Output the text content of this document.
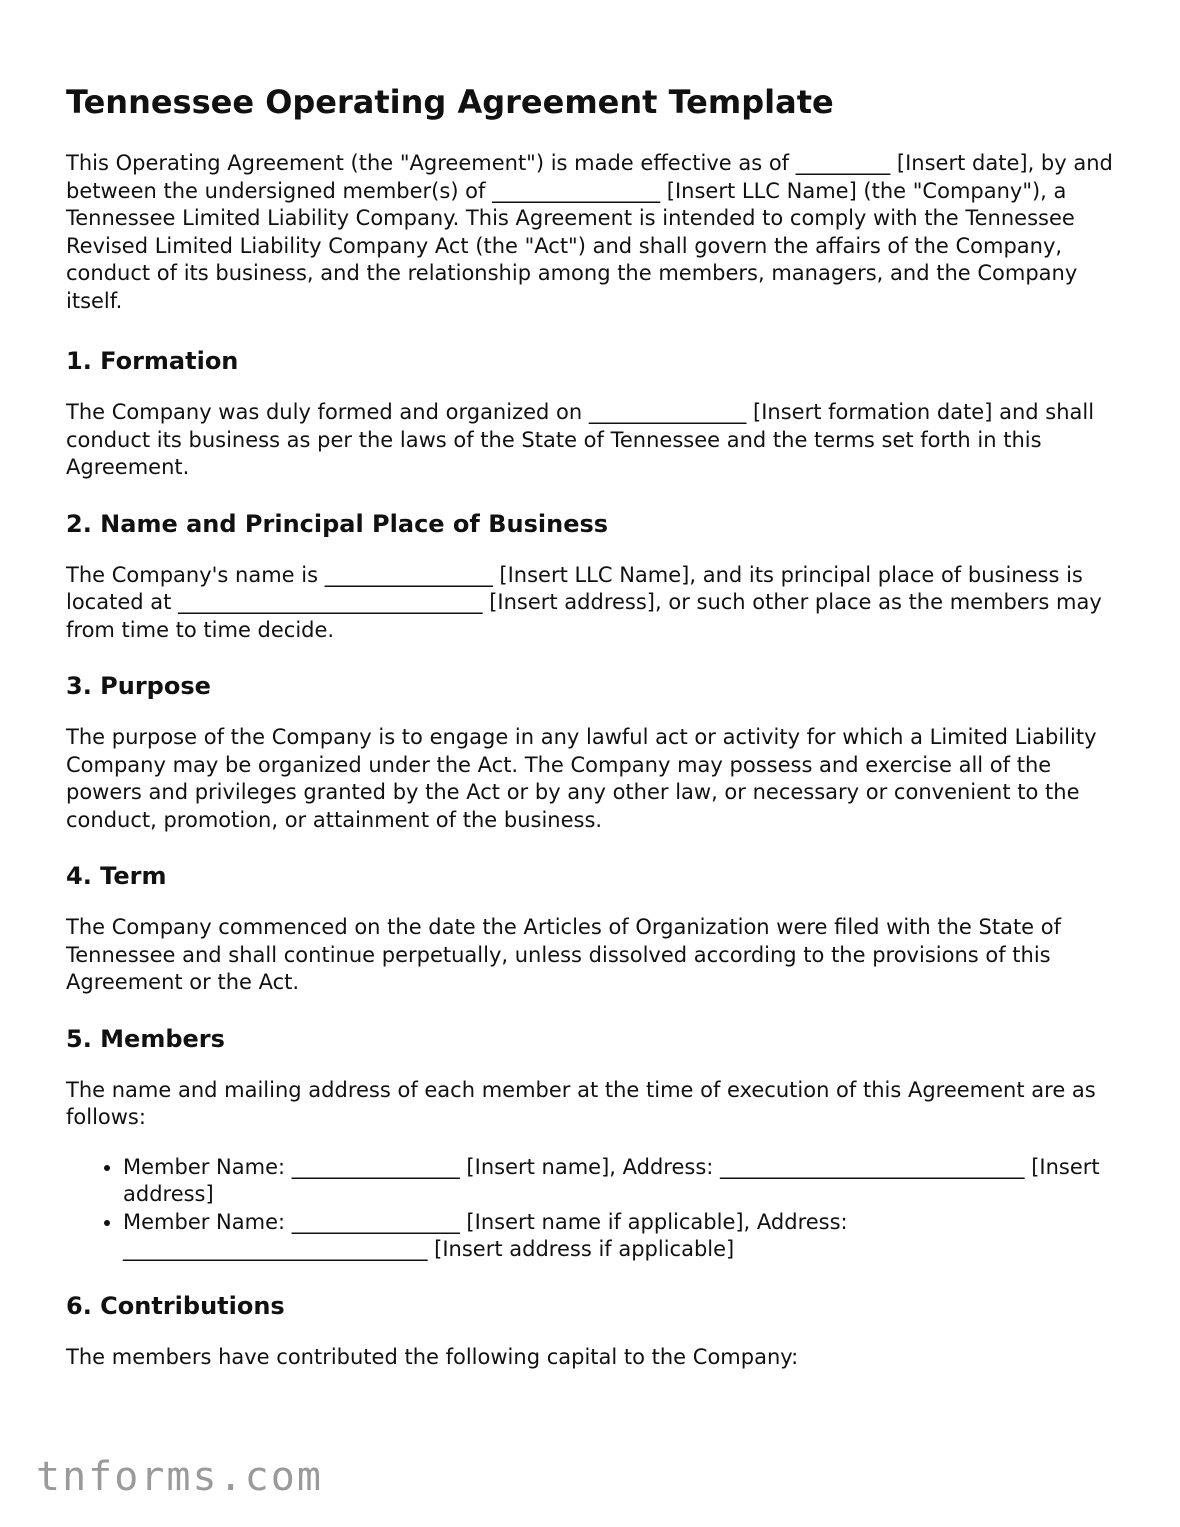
Tennessee Operating Agreement Template

This Operating Agreement (the "Agreement") is made effective as of _________ [Insert date], by and between the undersigned member(s) of ________________ [Insert LLC Name] (the "Company"), a Tennessee Limited Liability Company. This Agreement is intended to comply with the Tennessee Revised Limited Liability Company Act (the "Act") and shall govern the affairs of the Company, conduct of its business, and the relationship among the members, managers, and the Company itself.

1. Formation

The Company was duly formed and organized on _______________ [Insert formation date] and shall conduct its business as per the laws of the State of Tennessee and the terms set forth in this Agreement.

2. Name and Principal Place of Business

The Company's name is ________________ [Insert LLC Name], and its principal place of business is located at _____________________________ [Insert address], or such other place as the members may from time to time decide.

3. Purpose

The purpose of the Company is to engage in any lawful act or activity for which a Limited Liability Company may be organized under the Act. The Company may possess and exercise all of the powers and privileges granted by the Act or by any other law, or necessary or convenient to the conduct, promotion, or attainment of the business.

4. Term

The Company commenced on the date the Articles of Organization were filed with the State of Tennessee and shall continue perpetually, unless dissolved according to the provisions of this Agreement or the Act.

5. Members

The name and mailing address of each member at the time of execution of this Agreement are as follows:

• Member Name: ________________ [Insert name], Address: _____________________________ [Insert address]
• Member Name: ________________ [Insert name if applicable], Address: _____________________________ [Insert address if applicable]
6. Contributions

The members have contributed the following capital to the Company:

tnforms.com
